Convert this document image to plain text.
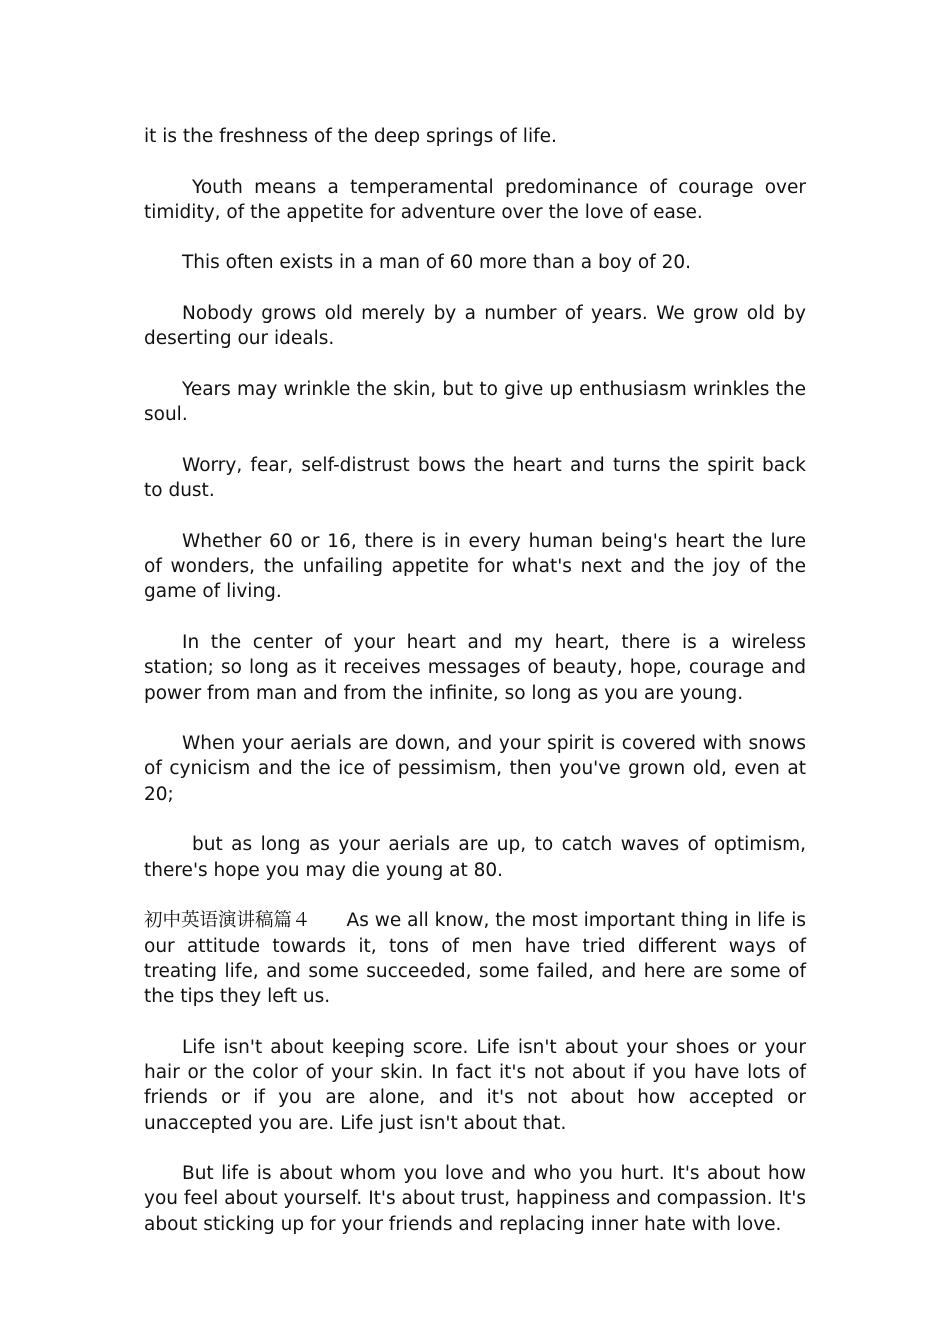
it is the freshness of the deep springs of life.

Youth means a temperamental predominance of courage over timidity, of the appetite for adventure over the love of ease.

This often exists in a man of 60 more than a boy of 20.

Nobody grows old merely by a number of years. We grow old by deserting our ideals.

Years may wrinkle the skin, but to give up enthusiasm wrinkles the soul.

Worry, fear, self-distrust bows the heart and turns the spirit back to dust.

Whether 60 or 16, there is in every human being's heart the lure of wonders, the unfailing appetite for what's next and the joy of the game of living.

In the center of your heart and my heart, there is a wireless station; so long as it receives messages of beauty, hope, courage and power from man and from the infinite, so long as you are young.

When your aerials are down, and your spirit is covered with snows of cynicism and the ice of pessimism, then you've grown old, even at 20;

but as long as your aerials are up, to catch waves of optimism, there's hope you may die young at 80.

初中英语演讲稿篇４ As we all know, the most important thing in life is our attitude towards it, tons of men have tried different ways of treating life, and some succeeded, some failed, and here are some of the tips they left us.

Life isn't about keeping score. Life isn't about your shoes or your hair or the color of your skin. In fact it's not about if you have lots of friends or if you are alone, and it's not about how accepted or unaccepted you are. Life just isn't about that.

But life is about whom you love and who you hurt. It's about how you feel about yourself. It's about trust, happiness and compassion. It's about sticking up for your friends and replacing inner hate with love.
